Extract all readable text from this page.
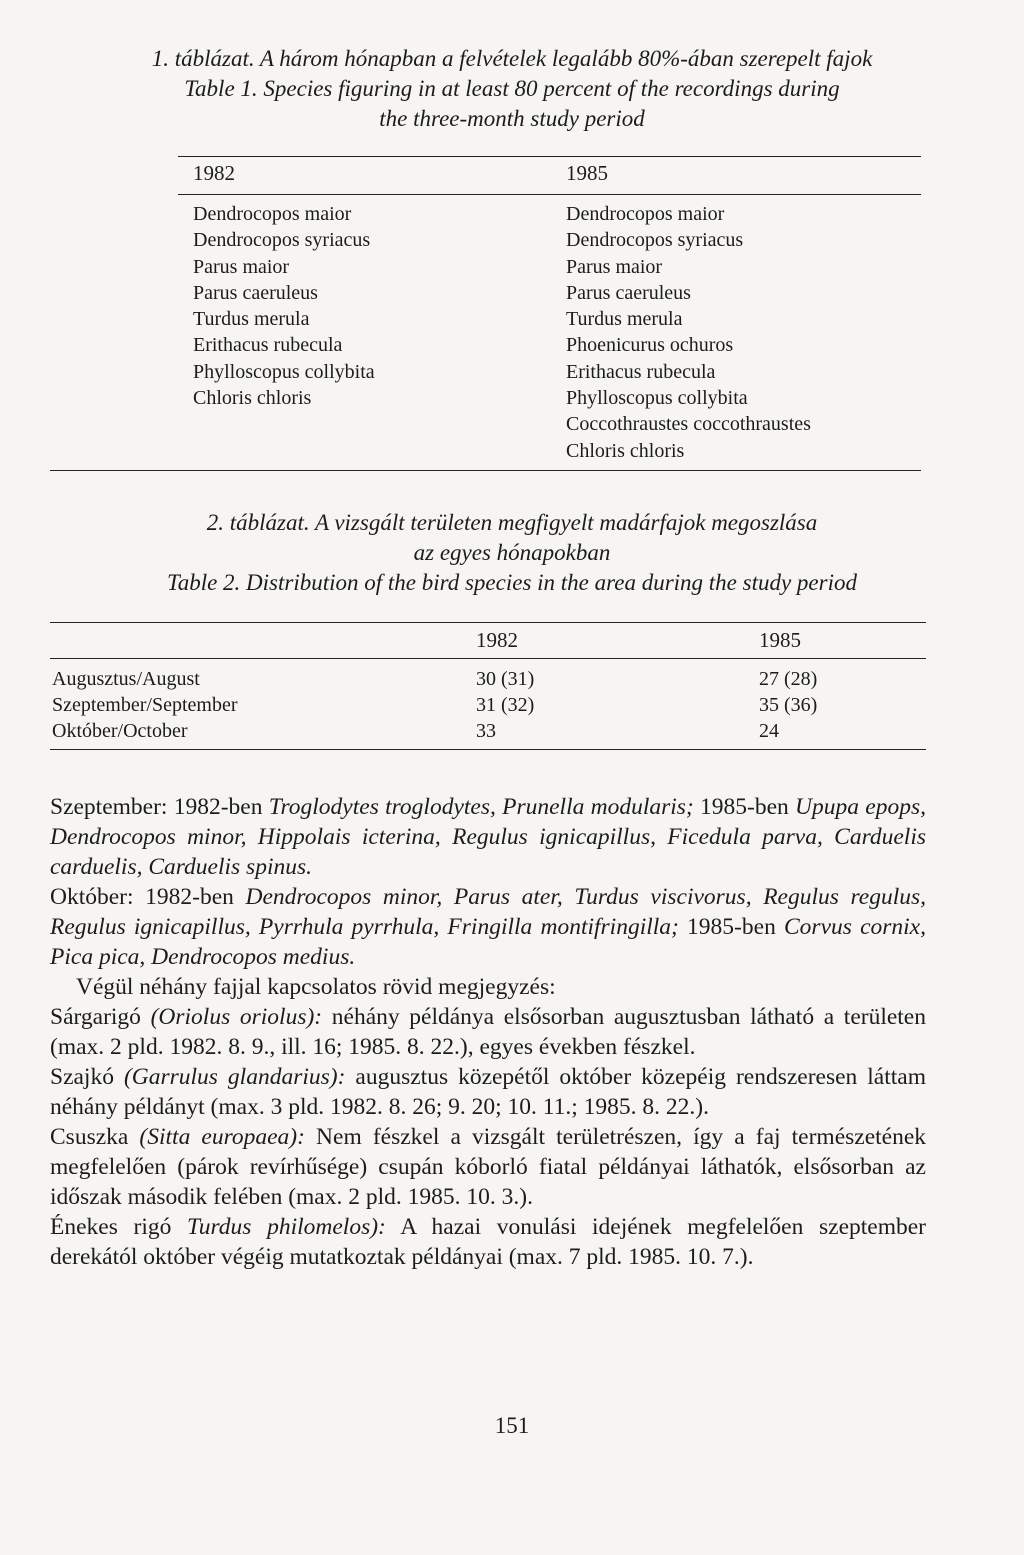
1. táblázat. A három hónapban a felvételek legalább 80%-ában szerepelt fajok
Table 1. Species figuring in at least 80 percent of the recordings during
the three-month study period
1982	1985
Dendrocopos maior
Dendrocopos syriacus
Parus maior
Parus caeruleus
Turdus merula
Erithacus rubecula
Phylloscopus collybita
Chloris chloris
Dendrocopos maior
Dendrocopos syriacus
Parus maior
Parus caeruleus
Turdus merula
Phoenicurus ochuros
Erithacus rubecula
Phylloscopus collybita
Coccothraustes coccothraustes
Chloris chloris
2. táblázat. A vizsgált területen megfigyelt madárfajok megoszlása
az egyes hónapokban
Table 2. Distribution of the bird species in the area during the study period
1982	1985
Augusztus/August
Szeptember/September
Október/October
30 (31)
31 (32)
33
27 (28)
35 (36)
24

Szeptember: 1982-ben Troglodytes troglodytes, Prunella modularis; 1985-ben Upupa epops, Dendrocopos minor, Hippolais icterina, Regulus ignicapillus, Ficedula parva, Carduelis carduelis, Carduelis spinus.

Október: 1982-ben Dendrocopos minor, Parus ater, Turdus viscivorus, Regulus regulus, Regulus ignicapillus, Pyrrhula pyrrhula, Fringilla montifringilla; 1985-ben Corvus cornix, Pica pica, Dendrocopos medius.

Végül néhány fajjal kapcsolatos rövid megjegyzés:

Sárgarigó (Oriolus oriolus): néhány példánya elsősorban augusztusban látható a területen (max. 2 pld. 1982. 8. 9., ill. 16; 1985. 8. 22.), egyes években fészkel.

Szajkó (Garrulus glandarius): augusztus közepétől október közepéig rendszeresen láttam néhány példányt (max. 3 pld. 1982. 8. 26; 9. 20; 10. 11.; 1985. 8. 22.).

Csuszka (Sitta europaea): Nem fészkel a vizsgált területrészen, így a faj természetének megfelelően (párok revírhűsége) csupán kóborló fiatal példányai láthatók, elsősorban az időszak második felében (max. 2 pld. 1985. 10. 3.).

Énekes rigó Turdus philomelos): A hazai vonulási idejének megfelelően szeptember derekától október végéig mutatkoztak példányai (max. 7 pld. 1985. 10. 7.).

151
